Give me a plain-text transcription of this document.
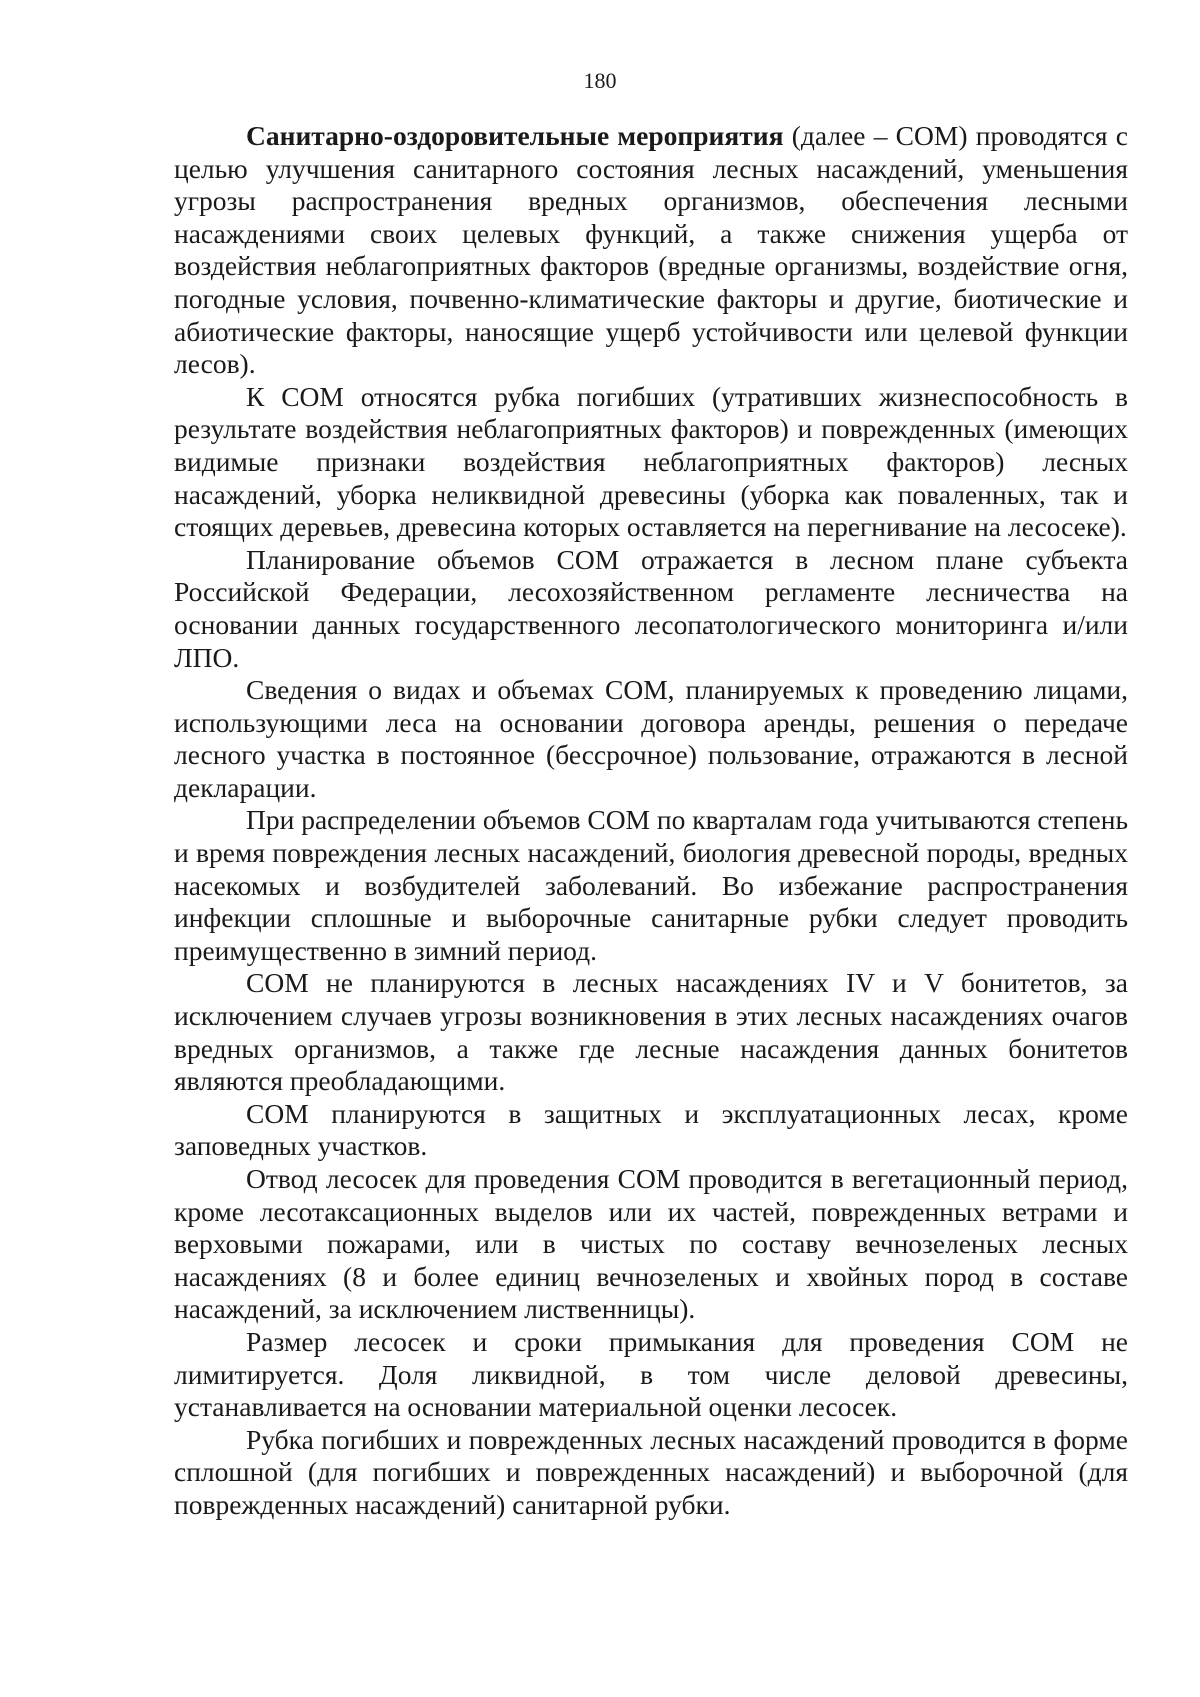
180

Санитарно-оздоровительные мероприятия (далее – СОМ) проводятся с целью улучшения санитарного состояния лесных насаждений, уменьшения угрозы распространения вредных организмов, обеспечения лесными насаждениями своих целевых функций, а также снижения ущерба от воздействия неблагоприятных факторов (вредные организмы, воздействие огня, погодные условия, почвенно-климатические факторы и другие, биотические и абиотические факторы, наносящие ущерб устойчивости или целевой функции лесов).

К СОМ относятся рубка погибших (утративших жизнеспособность в результате воздействия неблагоприятных факторов) и поврежденных (имеющих видимые признаки воздействия неблагоприятных факторов) лесных насаждений, уборка неликвидной древесины (уборка как поваленных, так и стоящих деревьев, древесина которых оставляется на перегнивание на лесосеке).

Планирование объемов СОМ отражается в лесном плане субъекта Российской Федерации, лесохозяйственном регламенте лесничества на основании данных государственного лесопатологического мониторинга и/или ЛПО.

Сведения о видах и объемах СОМ, планируемых к проведению лицами, использующими леса на основании договора аренды, решения о передаче лесного участка в постоянное (бессрочное) пользование, отражаются в лесной декларации.

При распределении объемов СОМ по кварталам года учитываются степень и время повреждения лесных насаждений, биология древесной породы, вредных насекомых и возбудителей заболеваний. Во избежание распространения инфекции сплошные и выборочные санитарные рубки следует проводить преимущественно в зимний период.

СОМ не планируются в лесных насаждениях IV и V бонитетов, за исключением случаев угрозы возникновения в этих лесных насаждениях очагов вредных организмов, а также где лесные насаждения данных бонитетов являются преобладающими.

СОМ планируются в защитных и эксплуатационных лесах, кроме заповедных участков.

Отвод лесосек для проведения СОМ проводится в вегетационный период, кроме лесотаксационных выделов или их частей, поврежденных ветрами и верховыми пожарами, или в чистых по составу вечнозеленых лесных насаждениях (8 и более единиц вечнозеленых и хвойных пород в составе насаждений, за исключением лиственницы).

Размер лесосек и сроки примыкания для проведения СОМ не лимитируется. Доля ликвидной, в том числе деловой древесины, устанавливается на основании материальной оценки лесосек.

Рубка погибших и поврежденных лесных насаждений проводится в форме сплошной (для погибших и поврежденных насаждений) и выборочной (для поврежденных насаждений) санитарной рубки.
